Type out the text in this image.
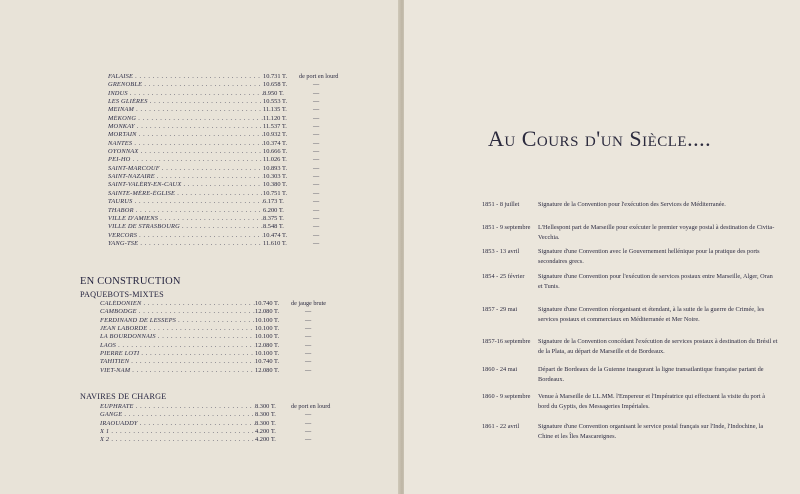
FALAISE . . .	10.731 T.	de port en lourd
GRENOBLE . . .	10.658 T.	—
INDUS . . .	8.950 T.	—
LES GLIÈRES . . .	10.553 T.	—
MEINAM . . .	11.135 T.	—
MÉKONG . . .	11.120 T.	—
MONKAY . . .	11.537 T.	—
MORTAIN . . .	10.932 T.	—
NANTES . . .	10.374 T.	—
OYONNAX . . .	10.666 T.	—
PEI-HO . . .	11.026 T.	—
SAINT-MARCOUF . . .	10.893 T.	—
SAINT-NAZAIRE . . .	10.303 T.	—
SAINT-VALÉRY-EN-CAUX . . .	10.380 T.	—
SAINTE-MÈRE-ÉGLISE . . .	10.751 T.	—
TAURUS . . .	6.173 T.	—
THABOR . . .	6.200 T.	—
VILLE D'AMIENS . . .	8.375 T.	—
VILLE DE STRASBOURG . . .	8.548 T.	—
VERCORS . . .	10.474 T.	—
YANG-TSE . . .	11.610 T.	—
EN CONSTRUCTION
PAQUEBOTS-MIXTES
CALÉDONIEN . . .	10.740 T.	de jauge brute
CAMBODGE . . .	12.080 T.	—
FERDINAND DE LESSEPS . . .	10.100 T.	—
JEAN LABORDE . . .	10.100 T.	—
LA BOURDONNAIS . . .	10.100 T.	—
LAOS . . .	12.080 T.	—
PIERRE LOTI . . .	10.100 T.	—
TAHITIEN . . .	10.740 T.	—
VIET-NAM . . .	12.080 T.	—
NAVIRES DE CHARGE
EUPHRATE . . .	8.300 T.	de port en lourd
GANGE . . .	8.300 T.	—
IRAOUADDY . . .	8.300 T.	—
X 1 . . .	4.200 T.	—
X 2 . . .	4.200 T.	—
Au Cours d'un Siècle....
1851 - 8 juillet	Signature de la Convention pour l'exécution des Services de Méditerranée.
1851 - 9 septembre	L'Hellespont part de Marseille pour exécuter le premier voyage postal à destination de Civita-Vecchia.
1853 - 13 avril	Signature d'une Convention avec le Gouvernement hellénique pour la pratique des ports secondaires grecs.
1854 - 25 février	Signature d'une Convention pour l'exécution de services postaux entre Marseille, Alger, Oran et Tunis.
1857 - 29 mai	Signature d'une Convention réorganisant et étendant, à la suite de la guerre de Crimée, les services postaux et commerciaux en Méditerranée et Mer Noire.
1857-16 septembre	Signature de la Convention concédant l'exécution de services postaux à destination du Brésil et de la Plata, au départ de Marseille et de Bordeaux.
1860 - 24 mai	Départ de Bordeaux de la Guienne inaugurant la ligne transatlantique française partant de Bordeaux.
1860 - 9 septembre	Venue à Marseille de LL.MM. l'Empereur et l'Impératrice qui effectuent la visite du port à bord du Gyptis, des Messageries Impériales.
1861 - 22 avril	Signature d'une Convention organisant le service postal français sur l'Inde, l'Indochine, la Chine et les Îles Mascareignes.
